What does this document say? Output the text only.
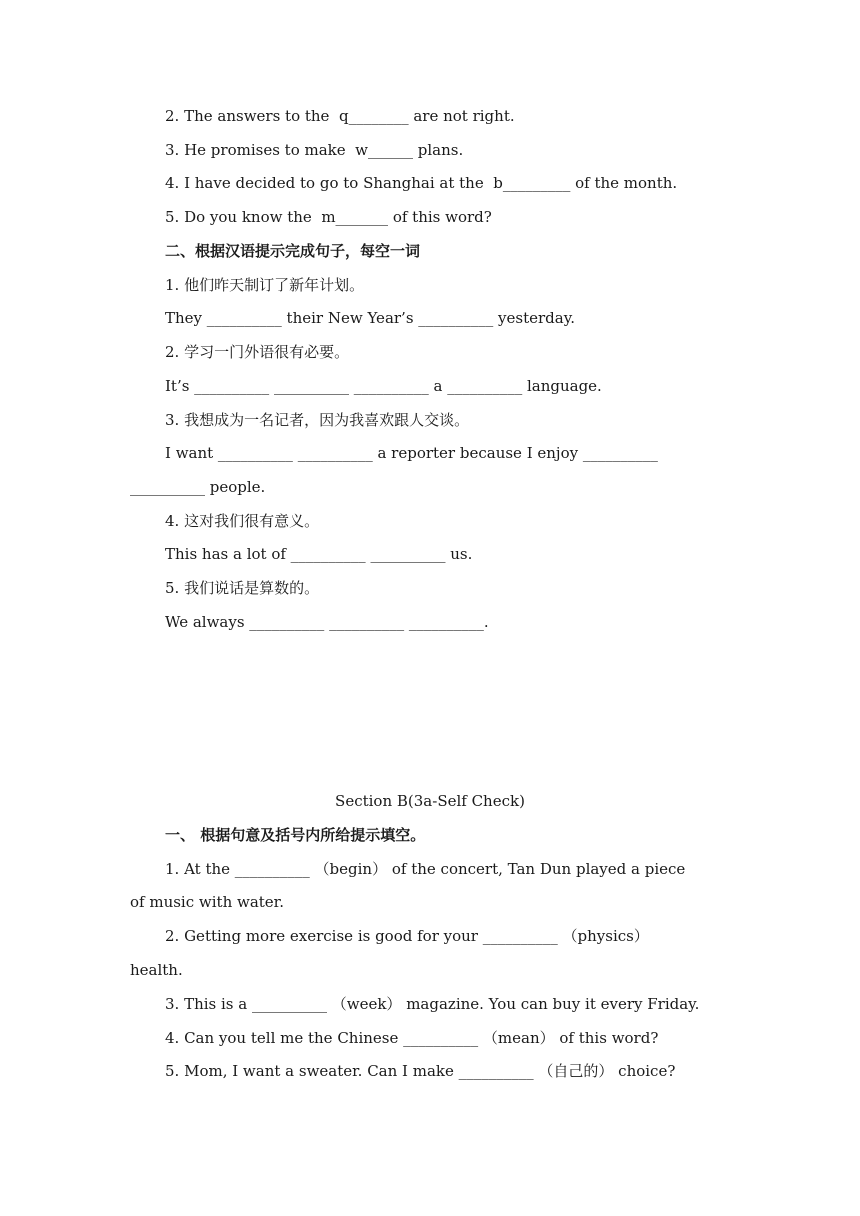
2. The answers to the  q________ are not right.
3. He promises to make  w______ plans.
4. I have decided to go to Shanghai at the  b_________ of the month.
5. Do you know the  m_______ of this word?
二、根据汉语提示完成句子，每空一词
1. 他们昨天制订了新年计划。
They __________ their New Year’s __________ yesterday.
2. 学习一门外语很有必要。
It’s __________ __________ __________ a __________ language.
3. 我想成为一名记者，因为我喜欢跟人交谈。
I want __________ __________ a reporter because I enjoy __________
__________ people.
4. 这对我们很有意义。
This has a lot of __________ __________ us.
5. 我们说话是算数的。
We always __________ __________ __________.
Section B(3a-Self Check)
一、 根据句意及括号内所给提示填空。
1. At the __________ （begin） of the concert, Tan Dun played a piece
of music with water.
2. Getting more exercise is good for your __________ （physics）
health.
3. This is a __________ （week） magazine. You can buy it every Friday.
4. Can you tell me the Chinese __________ （mean） of this word?
5. Mom, I want a sweater. Can I make __________ （自己的） choice?
